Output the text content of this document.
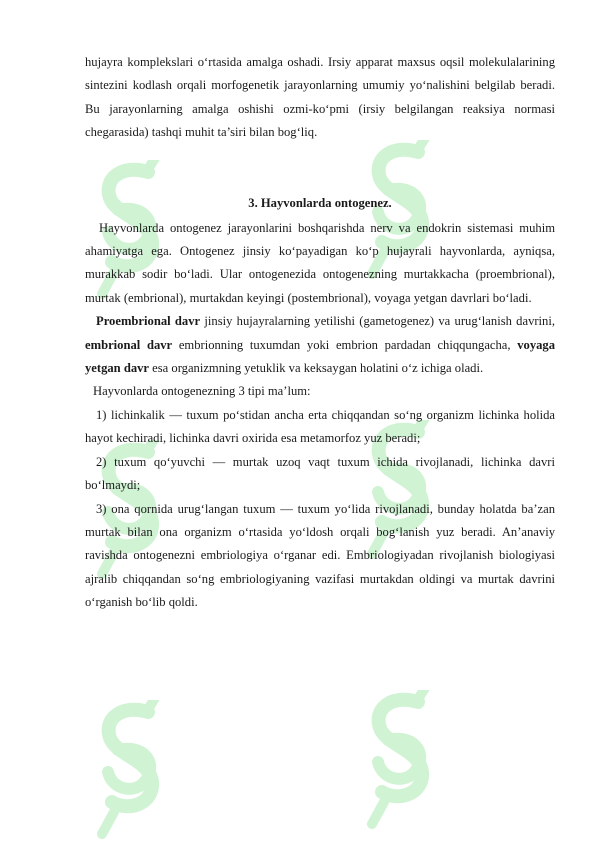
hujayra komplekslari o‘rtasida amalga oshadi. Irsiy apparat maxsus oqsil molekulalarining sintezini kodlash orqali morfogenetik jarayonlarning umumiy yo‘nalishini belgilab beradi. Bu jarayonlarning amalga oshishi ozmi-ko‘pmi (irsiy belgilangan reaksiya normasi chegarasida) tashqi muhit ta’siri bilan bog‘liq.

3. Hayvonlarda ontogenez.

Hayvonlarda ontogenez jarayonlarini boshqarishda nerv va endokrin sistemasi muhim ahamiyatga ega. Ontogenez jinsiy ko‘payadigan ko‘p hujayrali hayvonlarda, ayniqsa, murakkab sodir bo‘ladi. Ular ontogenezida ontogenezning murtakkacha (proembrional), murtak (embrional), murtakdan keyingi (postembrional), voyaga yetgan davrlari bo‘ladi.

Proembrional davr jinsiy hujayralarning yetilishi (gametogenez) va urug‘lanish davrini, embrional davr embrionning tuxumdan yoki embrion pardadan chiqqungacha, voyaga yetgan davr esa organizmning yetuklik va keksaygan holatini o‘z ichiga oladi.

Hayvonlarda ontogenezning 3 tipi ma’lum:

1) lichinkalik — tuxum po‘stidan ancha erta chiqqandan so‘ng organizm lichinka holida hayot kechiradi, lichinka davri oxirida esa metamorfoz yuz beradi;

2) tuxum qo‘yuvchi — murtak uzoq vaqt tuxum ichida rivojlanadi, lichinka davri bo‘lmaydi;

3) ona qornida urug‘langan tuxum — tuxum yo‘lida rivojlanadi, bunday holatda ba’zan murtak bilan ona organizm o‘rtasida yo‘ldosh orqali bog‘lanish yuz beradi. An’anaviy ravishda ontogenezni embriologiya o‘rganar edi. Embriologiyadan rivojlanish biologiyasi ajralib chiqqandan so‘ng embriologiyaning vazifasi murtakdan oldingi va murtak davrini o‘rganish bo‘lib qoldi.
